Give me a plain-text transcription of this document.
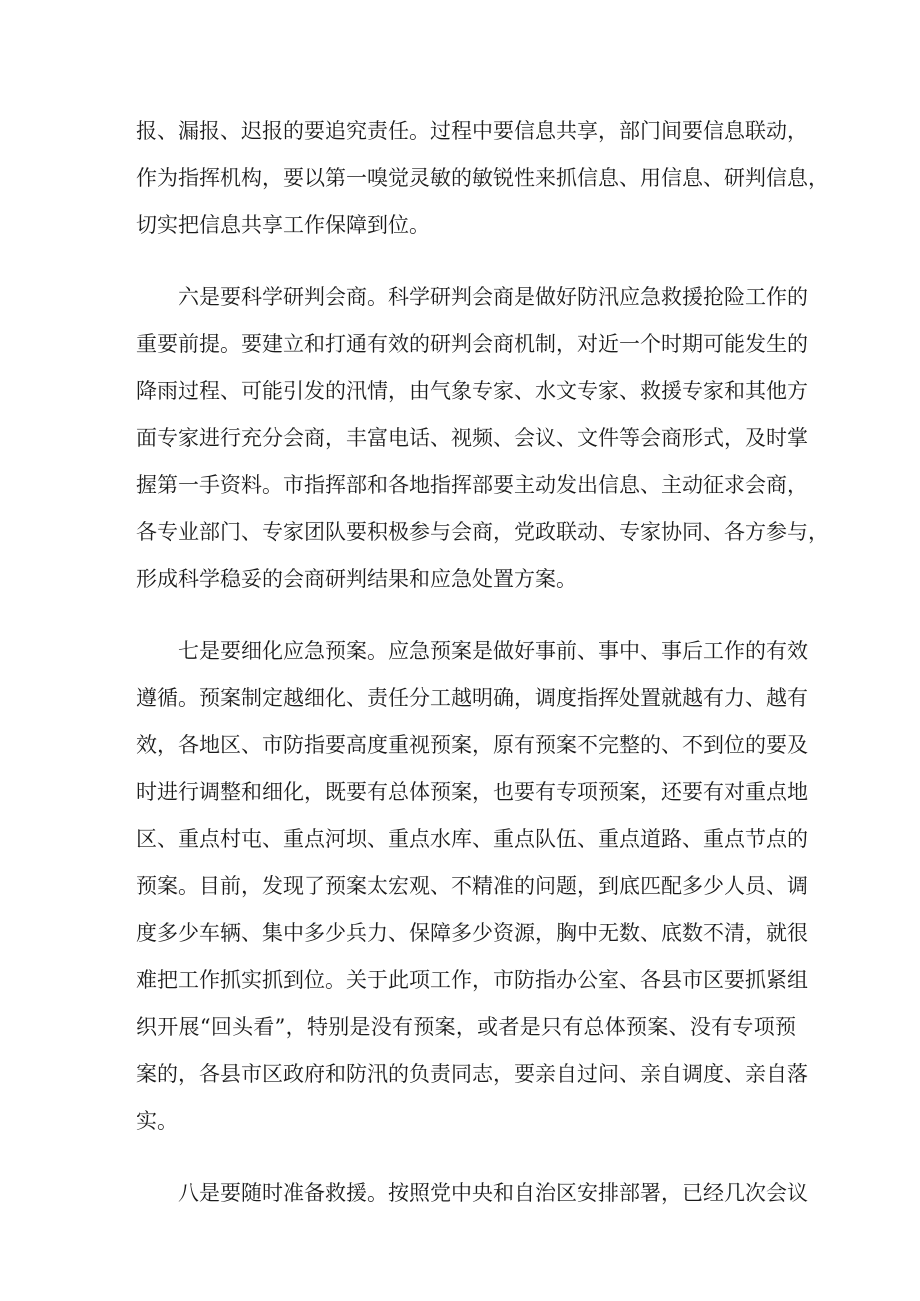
报、漏报、迟报的要追究责任。过程中要信息共享，部门间要信息联动，
作为指挥机构，要以第一嗅觉灵敏的敏锐性来抓信息、用信息、研判信息，
切实把信息共享工作保障到位。
六是要科学研判会商。科学研判会商是做好防汛应急救援抢险工作的
重要前提。要建立和打通有效的研判会商机制，对近一个时期可能发生的
降雨过程、可能引发的汛情，由气象专家、水文专家、救援专家和其他方
面专家进行充分会商，丰富电话、视频、会议、文件等会商形式，及时掌
握第一手资料。市指挥部和各地指挥部要主动发出信息、主动征求会商，
各专业部门、专家团队要积极参与会商，党政联动、专家协同、各方参与，
形成科学稳妥的会商研判结果和应急处置方案。
七是要细化应急预案。应急预案是做好事前、事中、事后工作的有效
遵循。预案制定越细化、责任分工越明确，调度指挥处置就越有力、越有
效，各地区、市防指要高度重视预案，原有预案不完整的、不到位的要及
时进行调整和细化，既要有总体预案，也要有专项预案，还要有对重点地
区、重点村屯、重点河坝、重点水库、重点队伍、重点道路、重点节点的
预案。目前，发现了预案太宏观、不精准的问题，到底匹配多少人员、调
度多少车辆、集中多少兵力、保障多少资源，胸中无数、底数不清，就很
难把工作抓实抓到位。关于此项工作，市防指办公室、各县市区要抓紧组
织开展“回头看”，特别是没有预案，或者是只有总体预案、没有专项预
案的，各县市区政府和防汛的负责同志，要亲自过问、亲自调度、亲自落
实。
八是要随时准备救援。按照党中央和自治区安排部署，已经几次会议
